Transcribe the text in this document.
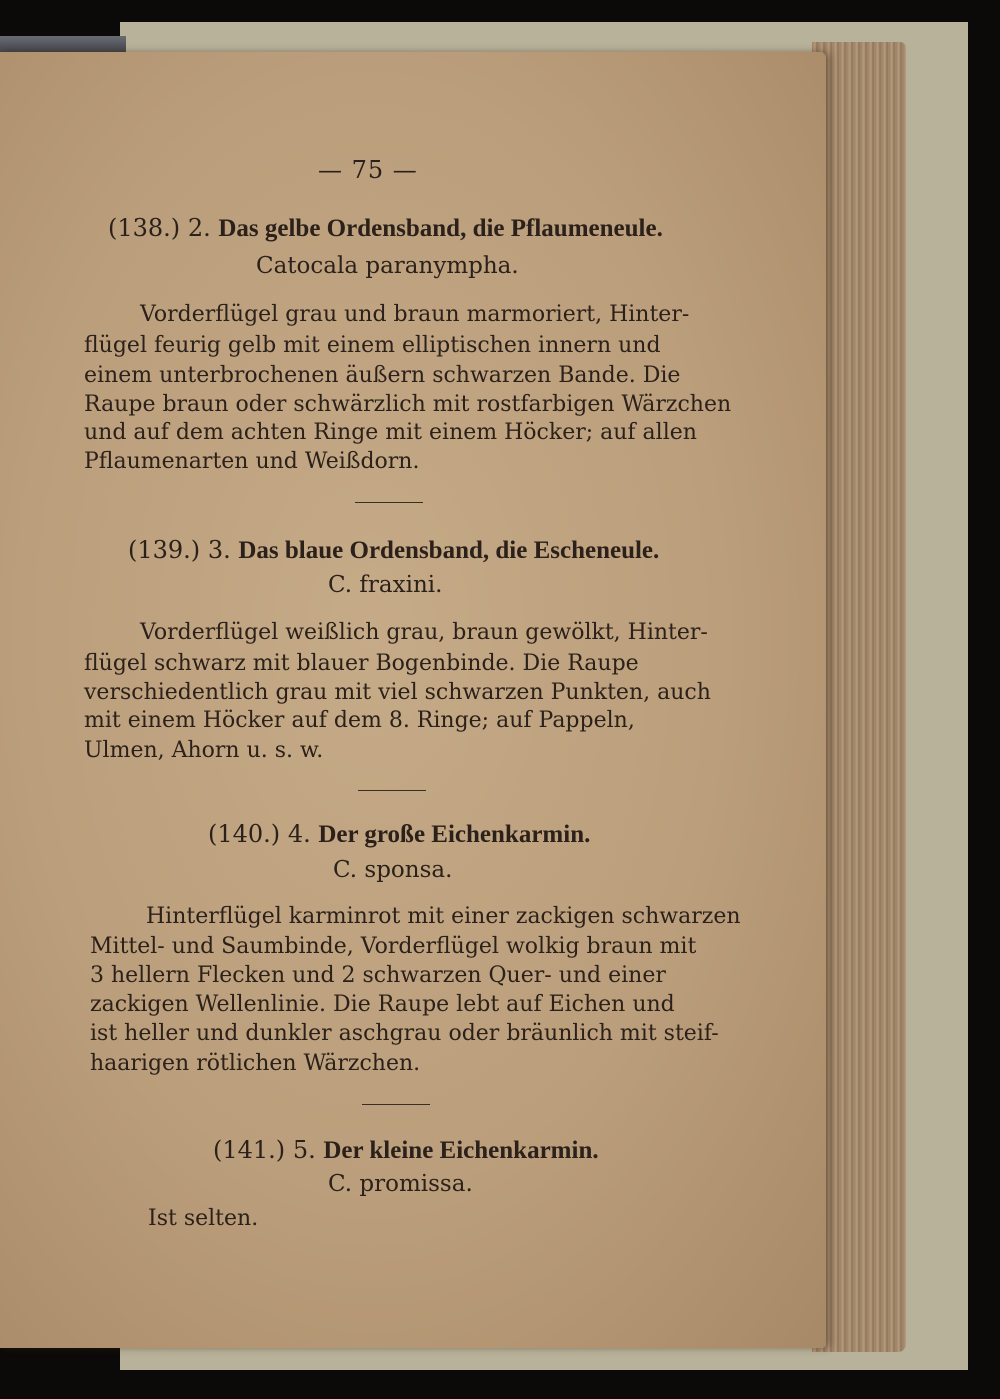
— 75 —
(138.) 2. Das gelbe Ordensband, die Pflaumeneule.
Catocala paranympha.
Vorderflügel grau und braun marmoriert, Hinter-
flügel feurig gelb mit einem elliptischen innern und
einem unterbrochenen äußern schwarzen Bande. Die
Raupe braun oder schwärzlich mit rostfarbigen Wärzchen
und auf dem achten Ringe mit einem Höcker; auf allen
Pflaumenarten und Weißdorn.
(139.) 3. Das blaue Ordensband, die Escheneule.
C. fraxini.
Vorderflügel weißlich grau, braun gewölkt, Hinter-
flügel schwarz mit blauer Bogenbinde. Die Raupe
verschiedentlich grau mit viel schwarzen Punkten, auch
mit einem Höcker auf dem 8. Ringe; auf Pappeln,
Ulmen, Ahorn u. s. w.
(140.) 4. Der große Eichenkarmin.
C. sponsa.
Hinterflügel karminrot mit einer zackigen schwarzen
Mittel- und Saumbinde, Vorderflügel wolkig braun mit
3 hellern Flecken und 2 schwarzen Quer- und einer
zackigen Wellenlinie. Die Raupe lebt auf Eichen und
ist heller und dunkler aschgrau oder bräunlich mit steif-
haarigen rötlichen Wärzchen.
(141.) 5. Der kleine Eichenkarmin.
C. promissa.
Ist selten.
